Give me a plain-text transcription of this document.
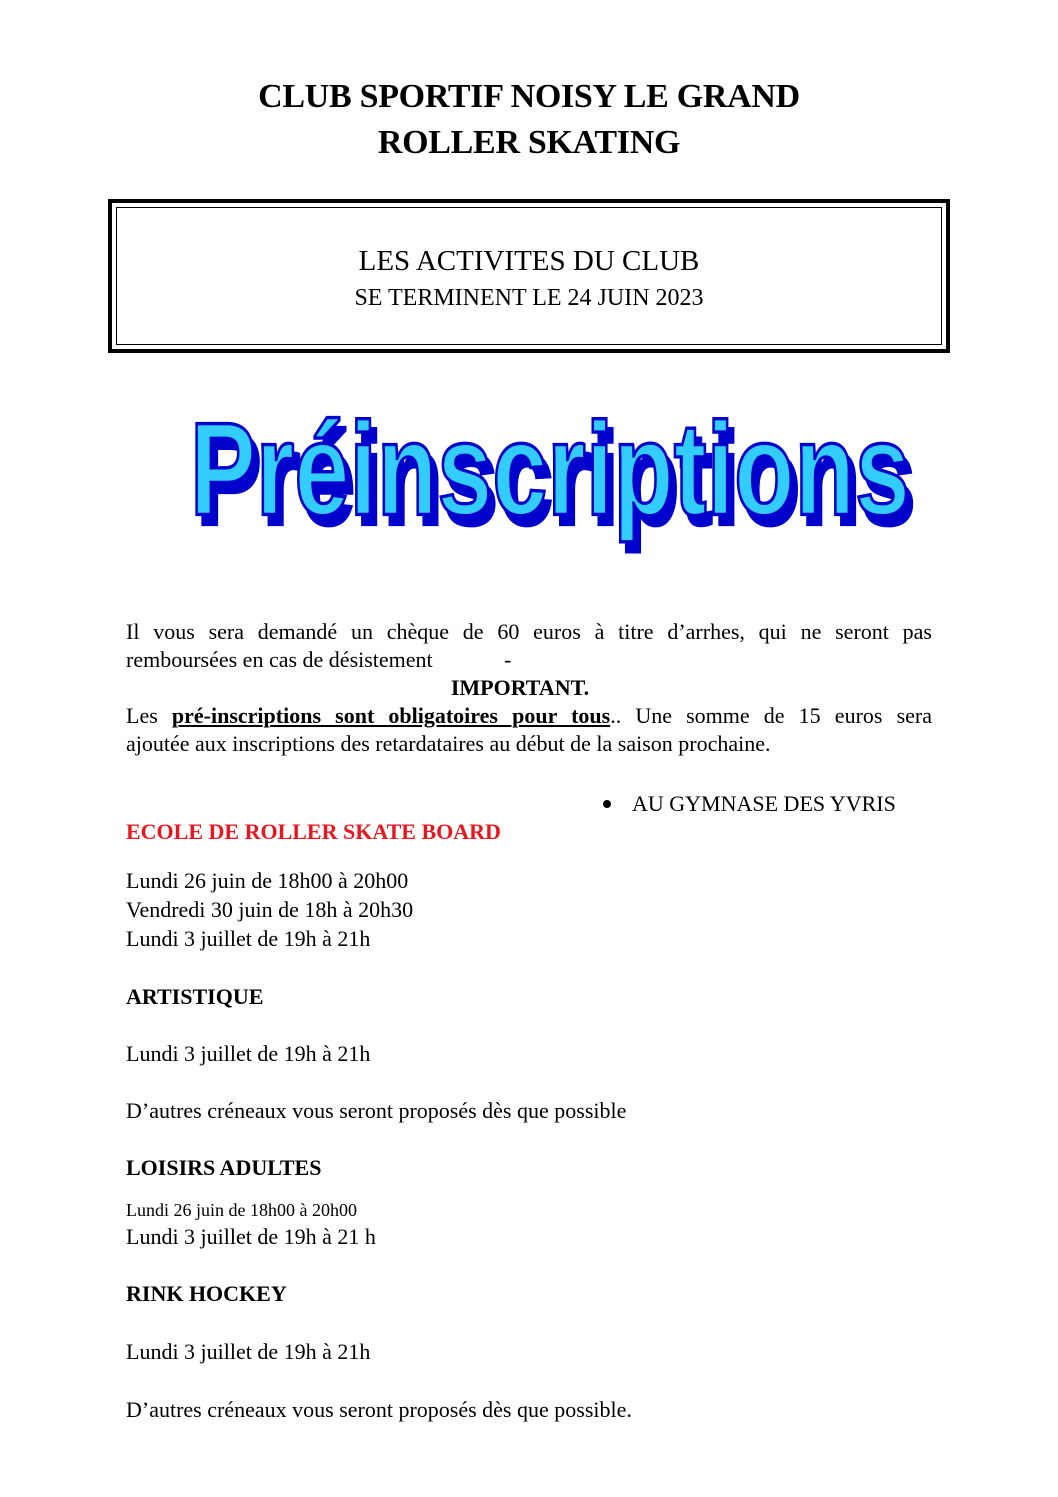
CLUB SPORTIF NOISY LE GRAND
ROLLER SKATING
LES ACTIVITES DU CLUB
SE TERMINENT LE 24 JUIN 2023
Préinscriptions
Il vous sera demandé un chèque de 60 euros à titre d’arrhes, qui ne seront pas
remboursées en cas de désistement	-
IMPORTANT.
Les pré-inscriptions sont obligatoires pour tous.. Une somme de 15 euros sera
ajoutée aux inscriptions des retardataires au début de la saison prochaine.
AU GYMNASE DES YVRIS
ECOLE DE ROLLER SKATE BOARD
Lundi 26 juin de 18h00 à 20h00
Vendredi 30 juin de 18h à 20h30
Lundi 3 juillet de 19h à 21h
ARTISTIQUE
Lundi 3 juillet de 19h à 21h
D’autres créneaux vous seront proposés dès que possible
LOISIRS ADULTES
Lundi 26 juin de 18h00 à 20h00
Lundi 3 juillet de 19h à 21 h
RINK HOCKEY
Lundi 3 juillet de 19h à 21h
D’autres créneaux vous seront proposés dès que possible.
